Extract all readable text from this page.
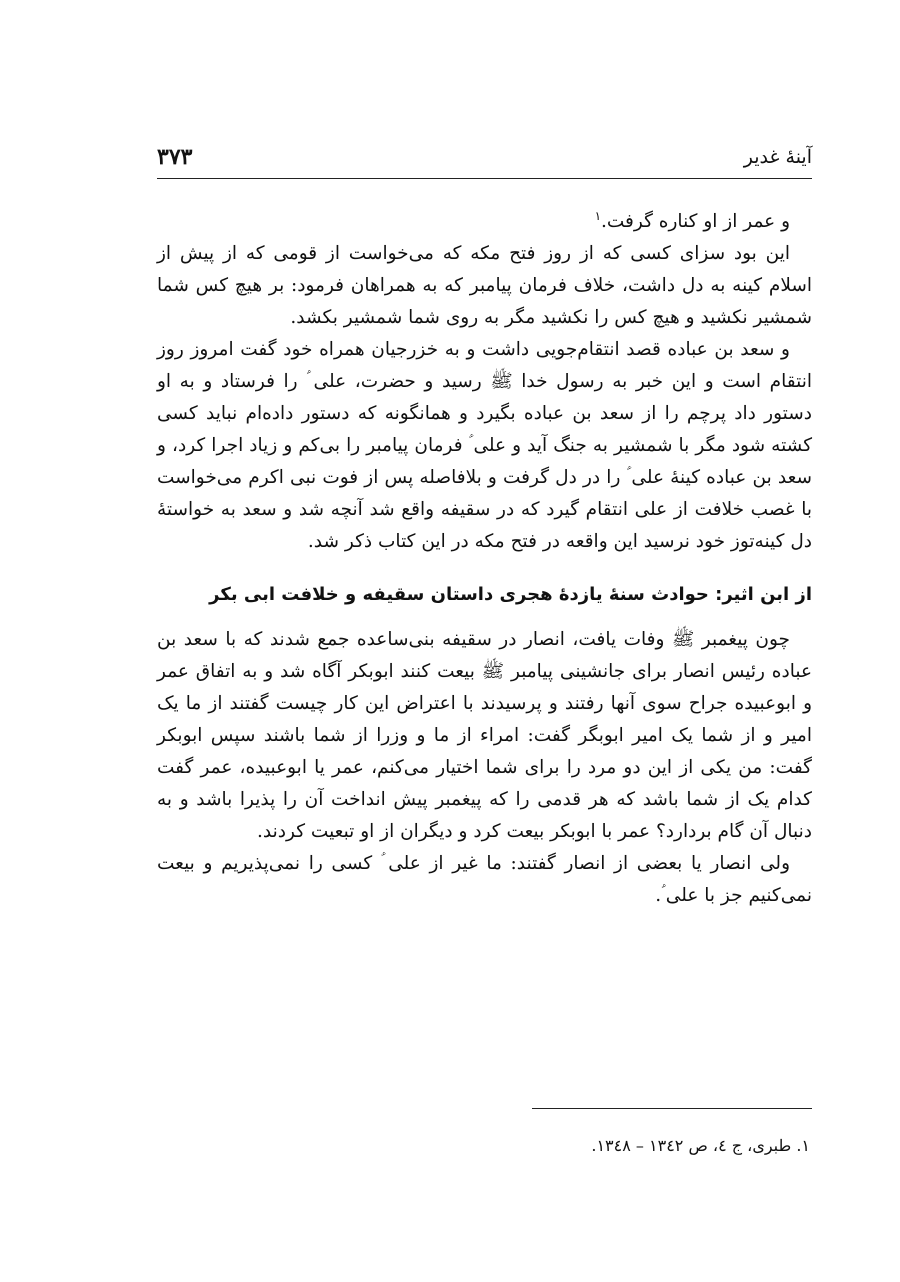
آینهٔ غدیر
۳۷۳

و عمر از او کناره گرفت.$^۱$

این بود سزای کسی که از روز فتح مکه که می‌خواست از قومی که از پیش از اسلام کینه به دل داشت، خلاف فرمان پیامبر که به همراهان فرمود: بر هیچ کس شما شمشیر نکشید و هیچ کس را نکشید مگر به روی شما شمشیر بکشد.

و سعد بن عباده قصد انتقام‌جویی داشت و به خزرجیان همراه خود گفت امروز روز انتقام است و این خبر به رسول خدا ﷺ رسید و حضرت، علی ؑ را فرستاد و به او دستور داد پرچم را از سعد بن عباده بگیرد و همانگونه که دستور داده‌ام نباید کسی کشته شود مگر با شمشیر به جنگ آید و علی ؑ فرمان پیامبر را بی‌کم و زیاد اجرا کرد، و سعد بن عباده کینهٔ علی ؑ را در دل گرفت و بلافاصله پس از فوت نبی اکرم می‌خواست با غصب خلافت از علی انتقام گیرد که در سقیفه واقع شد آنچه شد و سعد به خواستهٔ دل کینه‌توز خود نرسید این واقعه در فتح مکه در این کتاب ذکر شد.

از ابن اثیر: حوادث سنهٔ یازدهٔ هجری داستان سقیفه و خلافت ابی بکر

چون پیغمبر ﷺ وفات یافت، انصار در سقیفه بنی‌ساعده جمع شدند که با سعد بن عباده رئیس انصار برای جانشینی پیامبر ﷺ بیعت کنند ابوبکر آگاه شد و به اتفاق عمر و ابوعبیده جراح سوی آنها رفتند و پرسیدند با اعتراض این کار چیست گفتند از ما یک امیر و از شما یک امیر ابوبگر گفت: امراء از ما و وزرا از شما باشند سپس ابوبکر گفت: من یکی از این دو مرد را برای شما اختیار می‌کنم، عمر یا ابوعبیده، عمر گفت کدام یک از شما باشد که هر قدمی را که پیغمبر پیش انداخت آن را پذیرا باشد و به دنبال آن گام بردارد؟ عمر با ابوبکر بیعت کرد و دیگران از او تبعیت کردند.

ولی انصار یا بعضی از انصار گفتند: ما غیر از علی ؑ کسی را نمی‌پذیریم و بیعت نمی‌کنیم جز با علی ؑ.

۱. طبری، ج ٤، ص ١٣٤٢ – ١٣٤٨.
